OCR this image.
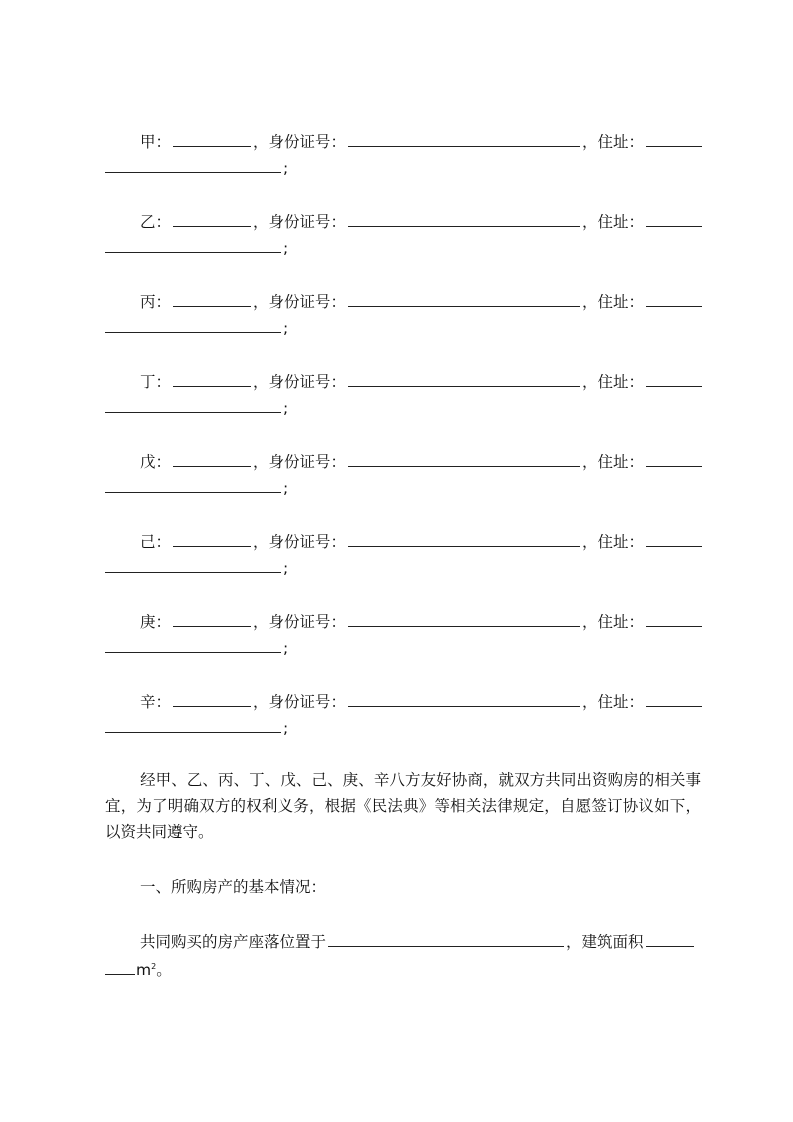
甲：	，身份证号：	，住址：
;
乙：	，身份证号：	，住址：
;
丙：	，身份证号：	，住址：
;
丁：	，身份证号：	，住址：
;
戊：	，身份证号：	，住址：
;
己：	，身份证号：	，住址：
;
庚：	，身份证号：	，住址：
;
辛：	，身份证号：	，住址：
;
经甲、乙、丙、丁、戊、己、庚、辛八方友好协商，就双方共同出资购房的相关事宜，为了明确双方的权利义务，根据《民法典》等相关法律规定，自愿签订协议如下，以资共同遵守。
一、所购房产的基本情况：
共同购买的房产座落位置于	，建筑面积
$m^2$。
